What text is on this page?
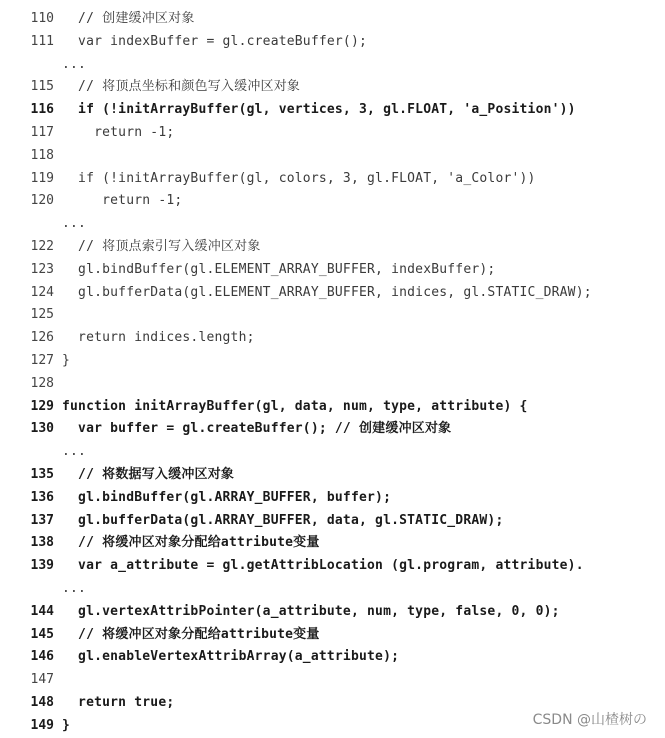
110 // 创建缓冲区对象
111 var indexBuffer = gl.createBuffer();
...
115 // 将顶点坐标和颜色写入缓冲区对象
116 if (!initArrayBuffer(gl, vertices, 3, gl.FLOAT, 'a_Position'))
117 return -1;
118
119 if (!initArrayBuffer(gl, colors, 3, gl.FLOAT, 'a_Color'))
120 return -1;
...
122 // 将顶点索引写入缓冲区对象
123 gl.bindBuffer(gl.ELEMENT_ARRAY_BUFFER, indexBuffer);
124 gl.bufferData(gl.ELEMENT_ARRAY_BUFFER, indices, gl.STATIC_DRAW);
125
126 return indices.length;
127 }
128
129 function initArrayBuffer(gl, data, num, type, attribute) {
130 var buffer = gl.createBuffer(); // 创建缓冲区对象
...
135 // 将数据写入缓冲区对象
136 gl.bindBuffer(gl.ARRAY_BUFFER, buffer);
137 gl.bufferData(gl.ARRAY_BUFFER, data, gl.STATIC_DRAW);
138 // 将缓冲区对象分配给attribute变量
139 var a_attribute = gl.getAttribLocation (gl.program, attribute).
...
144 gl.vertexAttribPointer(a_attribute, num, type, false, 0, 0);
145 // 将缓冲区对象分配给attribute变量
146 gl.enableVertexAttribArray(a_attribute);
147
148 return true;
149 }	CSDN @山楂树の
